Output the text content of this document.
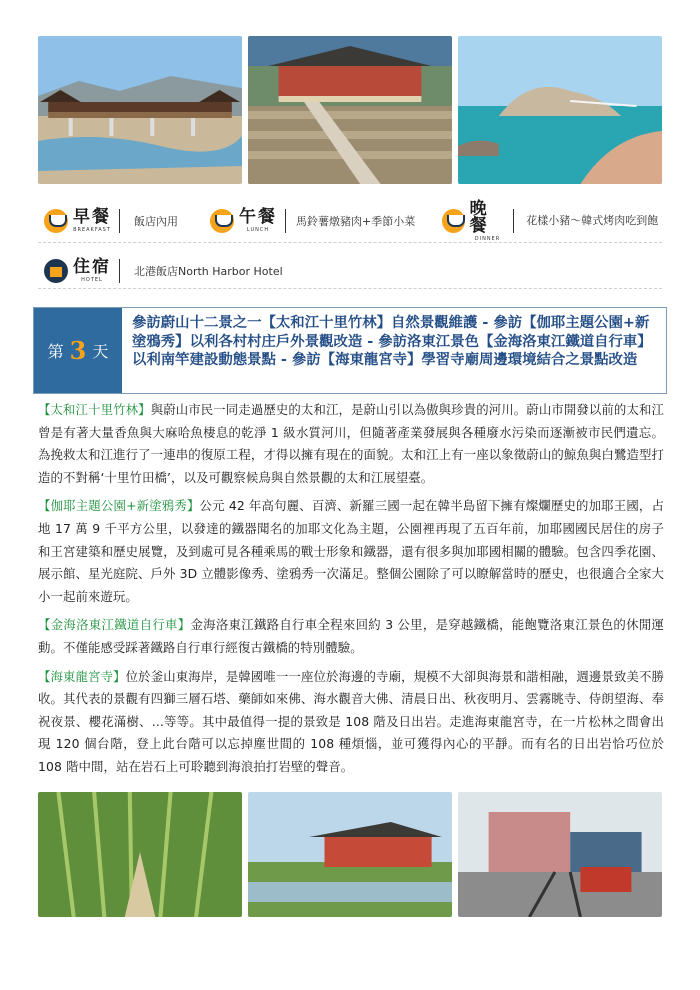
早餐
BREAKFAST
飯店內用	午餐
LUNCH
馬鈴薯燉豬肉+季節小菜
晚餐
DINNER
花樣小豬～韓式烤肉吃到飽
住宿
HOTEL
北港飯店North Harbor Hotel
第 3 天
參訪蔚山十二景之一【太和江十里竹林】自然景觀維護 - 參訪【伽耶主題公園+新塗鴉秀】以利各村村庄戶外景觀改造 - 參訪洛東江景色【金海洛東江鐵道自行車】以利南竿建設動態景點 - 參訪【海東龍宮寺】學習寺廟周邊環境結合之景點改造

【太和江十里竹林】與蔚山市民一同走過歷史的太和江，是蔚山引以為傲與珍貴的河川。蔚山市開發以前的太和江曾是有著大量香魚與大麻哈魚棲息的乾淨 1 級水質河川，但隨著產業發展與各種廢水污染而逐漸被市民們遺忘。為挽救太和江進行了一連串的復原工程，才得以擁有現在的面貌。太和江上有一座以象徵蔚山的鯨魚與白鷺造型打造的不對稱‘十里竹田橋’，以及可觀察候鳥與自然景觀的太和江展望臺。

【伽耶主題公園+新塗鴉秀】公元 42 年高句麗、百濟、新羅三國一起在韓半島留下擁有燦爛歷史的加耶王國，占地 17 萬 9 千平方公里，以發達的鐵器聞名的加耶文化為主題，公園裡再現了五百年前，加耶國國民居住的房子和王宮建築和歷史展覽，及到處可見各種乘馬的戰士形象和鐵器，還有很多與加耶國相關的體驗。包含四季花園、展示館、星光庭院、戶外 3D 立體影像秀、塗鴉秀一次滿足。整個公園除了可以瞭解當時的歷史，也很適合全家大小一起前來遊玩。

【金海洛東江鐵道自行車】金海洛東江鐵路自行車全程來回約 3 公里，是穿越鐵橋，能飽覽洛東江景色的休閒運動。不僅能感受踩著鐵路自行車行經復古鐵橋的特別體驗。

【海東龍宮寺】位於釜山東海岸，是韓國唯一一座位於海邊的寺廟，規模不大卻與海景和諧相融，週邊景致美不勝收。其代表的景觀有四獅三層石塔、藥師如來佛、海水觀音大佛、清晨日出、秋夜明月、雲霧眺寺、侍朗望海、奉祝夜景、櫻花滿樹、...等等。其中最值得一提的景致是 108 階及日出岩。走進海東龍宮寺，在一片松林之間會出現 120 個台階，登上此台階可以忘掉塵世間的 108 種煩惱，並可獲得內心的平靜。而有名的日出岩恰巧位於 108 階中間，站在岩石上可聆聽到海浪拍打岩壁的聲音。
